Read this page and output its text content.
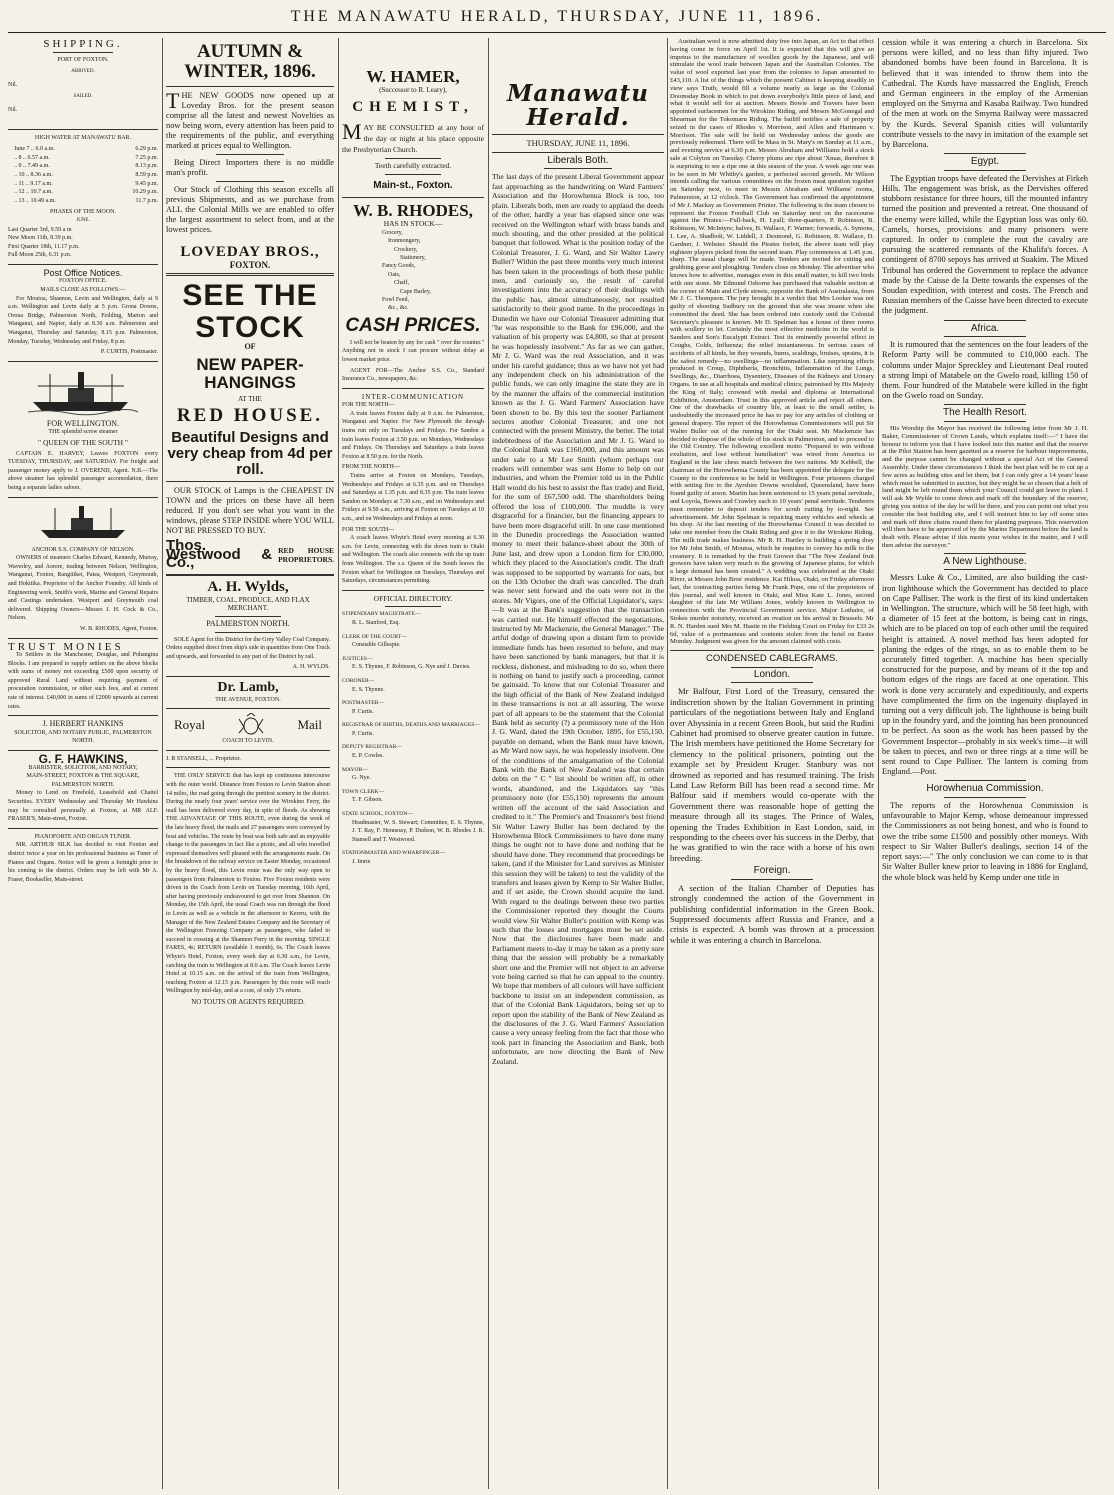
THE MANAWATU HERALD, THURSDAY, JUNE 11, 1896.
SHIPPING.
PORT OF FOXTON.
ARRIVED.
Nil.
SAILED.
Nil.
HIGH WATER AT MANAWATU BAR.
June 7 .. 6.0 a.m.	6.29 p.m.
.. 8 .. 6.57 a.m.	7.25 p.m.
.. 9 .. 7.49 a.m.	8.13 p.m.
.. 10 .. 8.36 a.m.	8.59 p.m.
.. 11 .. 9.17 a.m.	9.45 p.m.
.. 12 .. 10.7 a.m.	10.29 p.m.
.. 13 .. 10.49 a.m.	11.7 p.m.
PHASES OF THE MOON.
JUNE.
Last Quarter 3rd, 9.59 a m
New Moon 11th, 8.39 p.m.
First Quarter 18th, 11.17 p.m.
Full Moon 25th, 6.31 p.m.
Post Office Notices.
FOXTON OFFICE.
MAILS CLOSE AS FOLLOWS:—

For Moutoa, Shannon, Levin and Wellington, daily at 9 a.m. Wellington and Levin daily at 5 p.m. Grona Downs, Oroua Bridge, Palmerston North, Feilding, Marton and Wanganui, and Napier, daily at 8.30 a.m. Palmerston and Wanganui, Thursday and Saturday, 8.15 p.m. Palmerston, Monday, Tuesday, Wednesday and Friday, 8 p.m.

P. CURTIS, Postmaster.
FOR WELLINGTON.
THE splendid screw steamer
" QUEEN OF THE SOUTH "

CAPTAIN E. HARVEY, Leaves FOXTON every TUESDAY, THURSDAY, and SATURDAY. For freight and passenger money apply to J. OVEREND, Agent. N.B.—The above steamer has splendid passenger accomodation, there being a separate ladies saloon.

ANCHOR S.S. COMPANY OF NELSON.

OWNERS of steamers Charles Edward, Kennedy, Murray, Waverley, and Aorere, trading between Nelson, Wellington, Wanganui, Foxton, Rangitikei, Patea, Westport, Greymouth, and Hokitika. Proprietor of the Anchor Foundry. All kinds of Engineering work, Smith's work, Marine and General Repairs and Castings undertaken. Westport and Greymouth coal delivered. Shipping Owners—Messrs J. H. Cock & Co., Nelson.

W. B. RHODES, Agent, Foxton.
TRUST MONIES

To Settlers in the Manchester, Douglas, and Pohangina Blocks. I am prepared to supply settlers on the above blocks with sums of money not exceeding £500 upon security of approved Rural Land without requiring payment of procuration commission, or other such fees, and at current rate of interest. £40,000 in sums of £2000 upwards at current rates.

J. HERBERT HANKINS
SOLICITOR, AND NOTARY PUBLIC, PALMERSTON NORTH.
G. F. HAWKINS,
BARRISTER, SOLICITOR, AND NOTARY,
MAIN-STREET, FOXTON & THE SQUARE, PALMERSTON NORTH.

Money to Lend on Freehold, Leasehold and Chattel Securities. EVERY Wednesday and Thursday Mr Hawkins may be consulted personally at Foxton, at MR ALF. FRASER'S, Main-street, Foxton.

PIANOFORTE AND ORGAN TUNER.

MR. ARTHUR SILK has decided to visit Foxton and district twice a year on his professional business as Tuner of Pianos and Organs. Notice will be given a fortnight prior to his coming to the district. Orders may be left with Mr A. Fraser, Bookseller, Main-street.

AUTUMN & WINTER, 1896.

THE NEW GOODS now opened up at Loveday Bros. for the present season comprise all the latest and newest Novelties as now being worn, every attention has been paid to the requirements of the public, and everything marked at prices equal to Wellington.

Being Direct Importers there is no middle man's profit.

Our Stock of Clothing this season excells all previous Shipments, and as we purchase from ALL the Colonial Mills we are enabled to offer the largest assortment to select from, and at the lowest prices.

LOVEDAY BROS.,
FOXTON.
SEE THE STOCK
OF
NEW PAPER-HANGINGS
AT THE
RED HOUSE.
Beautiful Designs and very cheap from 4d per roll.

OUR STOCK of Lamps is the CHEAPEST IN TOWN and the prices on these have all been reduced. If you don't see what you want in the windows, please STEP INSIDE where YOU WILL NOT BE PRESSED TO BUY.

Thos. Westwood & Co.,
RED HOUSE PROPRIETORS.
A. H. Wylds,
TIMBER, COAL, PRODUCE, AND FLAX MERCHANT.
PALMERSTON NORTH.

SOLE Agent for this District for the Grey Valley Coal Company. Orders supplied direct from ship's side in quantities from One Truck and upwards, and forwarded to any part of the District by rail.

A. H. WYLDS.
Dr. Lamb,
THE AVENUE, FOXTON.
Royal	Mail
COACH TO LEVIN.
J. R STANSELL, ... Proprietor.

THE ONLY SERVICE that has kept up continuous intercourse with the outer world. Distance from Foxton to Levin Station about 14 miles, the road going through the prettiest scenery in the district. During the nearly four years' service over the Wirokino Ferry, the mail has been delivered every day, in spite of floods. As showing THE ADVANTAGE OF THIS ROUTE, even during the week of the late heavy flood, the mails and 27 passengers were conveyed by boat and vehicles. The route by boat was both safe and an enjoyable change to the passengers in fact like a picnic, and all who travelled expressed themselves well pleased with the arrangements made. On the breakdown of the railway service on Easter Monday, occasioned by the heavy flood, this Levin route was the only way open to passengers from Palmerston to Foxton. Five Foxton residents were driven in the Coach from Levin on Tuesday morning, 16th April, after having previously endeavoured to get over from Shannon. On Monday, the 15th April, the usual Coach was run through the flood to Levin as well as a vehicle in the afternoon to Kereru, with the Manager of the New Zealand Estates Company and the Secretary of the Wellington Freezing Company as passengers, who failed to succeed in crossing at the Shannon Ferry in the morning. SINGLE FARES, 4s; RETURN (available 1 month), 6s. The Coach leaves Whyte's Hotel, Foxton, every week day at 6.30 a.m., for Levin, catching the train to Wellington at 8.0 a.m. The Coach leaves Levin Hotel at 10.15 a.m. on the arrival of the train from Wellington, reaching Foxton at 12.15 p.m. Passengers by this route will reach Wellington by mid-day, and at a cost, of only 17s return.

NO TOUTS OR AGENTS REQUIRED.
W. HAMER,
(Successor to R. Leary),
CHEMIST,

MAY BE CONSULTED at any hour of the day or night at his place opposite the Presbyterian Church.

Teeth carefully extracted.
Main-st., Foxton.
W. B. RHODES,
HAS IN STOCK—
Grocery,
Ironmongery,
Crockery,
Stationery,
Fancy Goods,
Oats,
Chaff,
Cape Barley,
Fowl Feed,
&c., &c.
CASH PRICES.

I will not be beaten by any for cash " over the counter." Anything not in stock I can procure without delay at lowest market price.

AGENT FOR—The Anchor S.S. Co., Standard Insurance Co., newspapers, &c.

INTER-COMMUNICATION
FOR THE NORTH—

A train leaves Foxton daily at 9 a.m. for Palmerston, Wanganui and Napier. For New Plymouth the through trains run only on Tuesdays and Fridays. For Sandon a train leaves Foxton at 3.50 p.m. on Mondays, Wednesdays and Fridays. On Thursdays and Saturdays a train leaves Foxton at 8.50 p.m. for the North.

FROM THE NORTH—

Trains arrive at Foxton on Mondays, Tuesdays, Wednesdays and Fridays at 6.35 p.m. and on Thursdays and Saturdays at 1.35 p.m. and 8.35 p.m. The train leaves Sandon on Mondays at 7.30 a.m., and on Wednesdays and Fridays at 9.50 a.m., arriving at Foxton on Tuesdays at 10 a.m., and on Wednesdays and Fridays at noon.

FOR THE SOUTH—

A coach leaves Whyte's Hotel every morning at 6.30 a.m. for Levin, connecting with the down train to Otaki and Wellington. The coach also connects with the up train from Wellington. The s.s. Queen of the South leaves the Foxton wharf for Wellington on Tuesdays, Thursdays and Saturdays, circumstances permitting.

OFFICIAL DIRECTORY.
STIPENDIARY MAGISTRATE—
R. L. Stanford, Esq.
CLERK OF THE COURT—
Constable Gillespie.
JUSTICES—
E. S. Thynne, F. Robinson, G. Nye and J. Davies.
CORONER—
E. S. Thynne.
POSTMASTER—
P. Curtis.
REGISTRAR OF BIRTHS, DEATHS AND MARRIAGES—
P. Curtis.
DEPUTY REGISTRAR—
E. P. Cowles.
MAYOR—
G. Nye.
TOWN CLERK—
T. F. Gibson.
STATE SCHOOL, FOXTON—
Headmaster, W. S. Stewart; Committee, E. S. Thynne, J. T. Ray, F. Hennessy, P. Dudson, W. B. Rhodes J. R. Stansell and T. Westwood.
STATIONMASTER AND WHARFINGER—
J. Imrie
Manawatu Herald.
THURSDAY, JUNE 11, 1896.
Liberals Both.

The last days of the present Liberal Government appear fast approaching as the handwriting on Ward Farmers' Association and the Horowhenua Block is too, too plain. Liberals both, men are ready to applaud the deeds of the other, hardly a year has elapsed since one was received on the Wellington wharf with brass bands and much shouting, and the other presided at the political banquet that followed. What is the position today of the Colonial Treasurer, J. G. Ward, and Sir Walter Lawry Buller? Within the past three months very much interest has been taken in the proceedings of both these public men, and curiously so, the result of careful investigations into the accuracy of their dealings with the public has, almost simultaneously, not resulted satisfactorily to their good name. In the proceedings in Dunedin we have our Colonial Treasurer admitting that "he was responsible to the Bank for £96,000, and the valuation of his property was £4,800, so that at present he was hopelessly insolvent." As far as we can gather, Mr J. G. Ward was the real Association, and it was under his careful guidance; thus as we have not yet had any independent check on his administration of the public funds, we can only imagine the state they are in by the manner the affairs of the commercial institution known as the J. G. Ward Farmers' Association have been shown to be. By this test the sooner Parliament secures another Colonial Treasurer, and one not connected with the present Ministry, the better. The total indebtedness of the Association and Mr J. G. Ward to the Colonial Bank was £160,000, and this amount was under sale to a Mr Lee Smith (whom perhaps our readers will remember was sent Home to help on our industries, and whom the Premier told us in the Public Hall would do his best to assist the flax trade) and Reid, for the sum of £67,500 odd. The shareholders being offered the loss of £100,000. The muddle is very disgraceful for a financier, but the financing appears to have been more disgraceful still. In one case mentioned in the Dunedin proceedings the Association wanted money to meet their balance-sheet about the 30th of June last, and drew upon a London firm for £30,000, which they placed to the Association's credit. The draft was supposed to be supported by warrants for oats, but on the 13th October the draft was cancelled. The draft was never sent forward and the oats were not in the stores. Mr Vigors, one of the Official Liquidator's, says:—It was at the Bank's suggestion that the transaction was carried out. He himself effected the negotiations, instructed by Mr Mackenzie, the General Manager." The artful dodge of drawing upon a distant firm to provide immediate funds has been resorted to before, and may have been sanctioned by bank managers, but that it is reckless, dishonest, and misleading to do so, when there is nothing on hand to justify such a proceeding, cannot be gainsaid. To know that our Colonial Treasurer and the high official of the Bank of New Zealand indulged in these transactions is not at all assuring. The worse part of all appears to be the statement that the Colonial Bank held as security (?) a promissory note of the Hon J. G. Ward, dated the 19th October, 1895, for £55,150, payable on demand, when the Bank must have known, as Mr Ward now says, he was hopelessly insolvent. One of the conditions of the amalgamation of the Colonial Bank with the Bank of New Zealand was that certain debts on the " C " list should be written off, in other words, abandoned, and the Liquidators say "this promissory note (for £55,150) represents the amount written off the account of the said Association and credited to it." The Premier's and Treasurer's best friend Sir Walter Lawry Buller has been declared by the Horowhenua Block Commissioners to have done many things he ought not to have done and nothing that he should have done. They recommend that proceedings be taken, (and if the Minister for Land survives as Minister this session they will be taken) to test the validity of the transfers and leases given by Kemp to Sir Walter Buller, and if set aside, the Crown should acquire the land. With regard to the dealings between these two parties the Commissioner reported they thought the Courts would view Sir Walter Buller's position with Kemp was such that the losses and mortgages must be set aside. Now that the disclosures have been made and Parliament meets to-day it may be taken as a pretty sure thing that the session will probably be a remarkably short one and the Premier will not object to an adverse vote being carried so that he can appeal to the country. We hope that members of all colours will have sufficient backbone to insist on an independent commission, as that of the Colonial Bank Liquidators, being set up to report upon the stability of the Bank of New Zealand as the disclosures of the J. G. Ward Farmers' Association cause a very uneasy feeling from the fact that those who took part in financing the Association and Bank, both unfortunate, are now directing the Bank of New Zealand.

Australian wool is now admitted duty free into Japan, an Act to that effect having come in force on April 1st. It is expected that this will give an impetus to the manufacture of woollen goods by the Japanese, and will stimulate the wool trade between Japan and the Australian Colonies. The value of wool exported last year from the colonies to Japan amounted to £43,110. A list of the things which the present Cabinet is keeping steadily in view says Truth, would fill a volume nearly as large as the Colonial Doomsday Book in which to put down everybody's little piece of land, and what it would sell for at auction. Messrs Bowie and Travers have been appointed surfacemen for the Wirokino Riding, and Messrs McGonegal and Shearman for the Tokomaru Riding. The bailiff notifies a sale of property seized in the cases of Rhodes v. Morrison, and Allen and Hartmann v. Morrison. The sale will be held on Wednesday unless the goods are previously redeemed. There will be Mass in St. Mary's on Sunday at 11 a.m., and evening service at 6.30 p.m. Messrs Abraham and Williams hold a stock sale at Colyton on Tuesday. Cherry plums are ripe about 'Xmas, therefore it is surprising to see a ripe one at this season of the year. A week ago one was to be seen in Mr Whitby's garden, a perfected second growth. Mr Wilson intends calling the various committees on the frozen meat question together on Saturday next, to meet in Messrs Abraham and Williams' rooms, Palmerston, at 12 o'clock. The Government has confirmed the appointment of Mr J. Mackay as Government Printer. The following is the team chosen to represent the Foxton Football Club on Saturday next on the racecourse against the Pirates:—Full-back, H. Lyall; three-quarters, P. Robinson, B. Robinson, W. McIntyre; halves, B. Wallace, F. Warner; forwards, A. Symons, J. Lee, A. Shadbolt, W. Liddell, J. Desmond, G. Robinson, R. Wallace, D. Gardner, J. Webster. Should the Pirates forfeit, the above team will play eighteen players picked from the second team. Play commences at 1.45 p.m. sharp. The usual charge will be made. Tenders are invited for cutting and grubbing gorse and ploughing. Tenders close on Monday. The advertiser who knows how to advertise, manages even in this small matter, to kill two birds with one stone. Mr Edmund Osborne has purchased that valuable section at the corner of Main and Clyde streets, opposite the Bank of Australasia, from Mr J. C. Thompson. The jury brought in a verdict that Mrs Looker was not guilty of shooting Sudbury on the ground that she was insane when she committed the deed. She has been ordered into custody until the Colonial Secretary's pleasure is known. Mr D. Spelman has a house of three rooms with scullery to let. Certainly the most effective medicine in the world is Sanders and Son's Eucalypti Extract. Test its eminently powerful effect in Coughs, Colds, Influenza; the relief instantaneous. In serious cases of accidents of all kinds, be they wounds, burns, scaldings, bruises, sprains, it is the safest remedy—no swellings—no inflammation. Like surprising effects produced in Croup, Diphtheria, Bronchitis, Inflammation of the Lungs, Swellings, &c., Diarrhoea, Dysentery, Diseases of the Kidneys and Urinary Organs. In use at all hospitals and medical clinics; patronised by His Majesty the King of Italy; crowned with medal and diploma at International Exhibition, Amsterdam. Trust in this approved article and reject all others. One of the drawbacks of country life, at least to the small settler, is undoubtedly the increased price he has to pay for any articles of clothing or general drapery. The report of the Horowhenua Commissioners will put Sir Walter Buller out of the running for the Otaki seat. Mr Mackenzie has decided to dispose of the whole of his stock in Palmerston, and to proceed to the Old Country. The following excellent motto "Prepared to win without exultation, and lose without humiliation" was wired from America to England in the late chess match between the two nations. Mr Kebbell, the chairman of the Horowhenua County has been appointed the delegate for the County to the conference to be held in Wellington. Four prisoners charged with setting fire to the Ayrshire Downs woolshed, Queensland, have been found guilty of arson. Martin has been sentenced to 15 years penal servitude, and Loyola, Bowes and Crawley each to 10 years' penal servitude. Tenderers must remember to deposit tenders for scrub cutting by to-night. See advertisement. Mr John Spelman is repairing many vehicles and wheels at his shop. At the last meeting of the Horowhenua Council it was decided to take one member from the Otaki Riding and give it to the Wirokino Riding. The milk trade makes business. Mr R. H. Hartley is building a spring dray for Mr John Smith, of Moutoa, which he requires to convey his milk to the creamery. It is remarked by the Fruit Grower that "The New Zealand fruit growers have taken very much to the growing of Japanese plums, for which a large demand has been created." A wedding was celebrated at the Otaki River, at Messrs John Bros' residence. Kai Hikoa, Otaki, on Friday afternoon last, the contracting parties being Mr Frank Pope, one of the proprietors of this journal, and well known in Otaki, and Miss Kate L. Jones, second daughter of the late Mr William Jones, widely known in Wellington in connection with the Provincial Government service. Major Lothaire, of Stokes murder notoriety, received an ovation on his arrival in Brussels. Mr R. N. Harden sued Mrs M. Hastie in the Fielding Court on Friday for £33 2s 6d, value of a portmanteau and contents stolen from the hotel on Easter Monday. Judgment was given for the amount claimed with costs.

CONDENSED CABLEGRAMS.
London.

Mr Balfour, First Lord of the Treasury, censured the indiscretion shown by the Italian Government in printing particulars of the negotiations between Italy and England over Abyssinia in a recent Green Book, but said the Rudini Cabinet had promised to observe greater caution in future. The Irish members have petitioned the Home Secretary for clemency to the political prisoners, pointing out the example set by President Kruger. Stanbury was not drowned as reported and has resumed training. The Irish Land Law Reform Bill has been read a second time. Mr Balfour said if members would co-operate with the Government there was reasonable hope of getting the measure through all its stages. The Prince of Wales, opening the Trades Exhibition in East London, said, in responding to the cheers over his success in the Derby, that he was gratified to win the race with a horse of his own breeding.

Foreign.

A section of the Italian Chamber of Deputies has strongly condemned the action of the Government in publishing confidential information in the Green Book. Suppressed documents affect Russia and France, and a crisis is expected. A bomb was thrown at a procession while it was entering a church in Barcelona.

cession while it was entering a church in Barcelona. Six persons were killed, and no less than fifty injured. Two abandoned bombs have been found in Barcelona. It is believed that it was intended to throw them into the Cathedral. The Kurds have massacred the English, French and German engineers in the employ of the Armenian employed on the Smyrna and Kasaba Railway. Two hundred of the men at work on the Smyrna Railway were massacred by the Kurds. Several Spanish cities will voluntarily contribute vessels to the navy in imitation of the example set by Barcelona.

Egypt.

The Egyptian troops have defeated the Dervishes at Firkeh Hills. The engagement was brisk, as the Dervishes offered stubborn resistance for three hours, till the mounted infantry turned the position and prevented a retreat. One thousand of the enemy were killed, while the Egyptian loss was only 60. Camels, horses, provisions and many prisoners were captured. In order to complete the rout the cavalry are pursuing the scattered remnants of the Khalifa's forces. A contingent of 8700 sepoys has arrived at Suakim. The Mixed Tribunal has ordered the Government to replace the advance made by the Caisse de la Dette towards the expenses of the Soudan expedition, with interest and costs. The French and Russian members of the Caisse have been directed to execute the judgment.

Africa.

It is rumoured that the sentences on the four leaders of the Reform Party will be commuted to £10,000 each. The columns under Major Spreckley and Lieutenant Deal routed a strong Impi of Matabele on the Gwelo road, killing 150 of them. Four hundred of the Matabele were killed in the fight on the Gwelo road on Sunday.

The Health Resort.

His Worship the Mayor has received the following letter from Mr J. H. Baker, Commissioner of Crown Lands, which explains itself:—" I have the honour to inform you that I have looked into this matter and that the reserve at the Pilot Station has been gazetted as a reserve for harbour improvements, and the purpose cannot be changed without a special Act of the General Assembly. Under these circumstances I think the best plan will be to cut up a few acres as building sites and let them, but I can only give a 14 years' lease which must be submitted to auction, but they might be so chosen that a belt of land might be left round them which your Council could get leave to plant. I will ask Mr Wylde to come down and mark off the boundary of the reserve, giving you notice of the day he will be there, and you can point out what you consider the best building site, and I will instruct him to lay off some sites and mark off three chains round them for planting purposes. This reservation will then have to be approved of by the Marine Department before the land is dealt with. Please advise if this meets your wishes in the matter, and I will then advise the surveyor."

A New Lighthouse.

Messrs Luke & Co., Limited, are also building the cast-iron lighthouse which the Government has decided to place on Cape Palliser. The work is the first of its kind undertaken in Wellington. The structure, which will be 58 feet high, with a diameter of 15 feet at the bottom, is being cast in rings, which are to be placed on top of each other until the required height is attained. A novel method has been adopted for planing the edges of the rings, so as to enable them to be accurately fitted together. A machine has been specially constructed for the purpose, and by means of it the top and bottom edges of the rings are faced at one operation. This work is done very accurately and expeditiously, and experts have complimented the firm on the ingenuity displayed in turning out a very difficult job. The lighthouse is being built up in the foundry yard, and the jointing has been pronounced to be perfect. As soon as the work has been passed by the Government Inspector—probably in six week's time—it will be taken to pieces, and two or three rings at a time will be sent round to Cape Palliser. The lantern is coming from England.—Post.

Horowhenua Commission.

The reports of the Horowhenua Commission is unfavourable to Major Kemp, whose demeanour impressed the Commissioners as not being honest, and who is found to owe the tribe some £1500 and possibly other moneys. With respect to Sir Walter Buller's dealings, section 14 of the report says:—" The only conclusion we can come to is that Sir Walter Buller knew prior to leaving in 1886 for England, the whole block was held by Kemp under one title in
